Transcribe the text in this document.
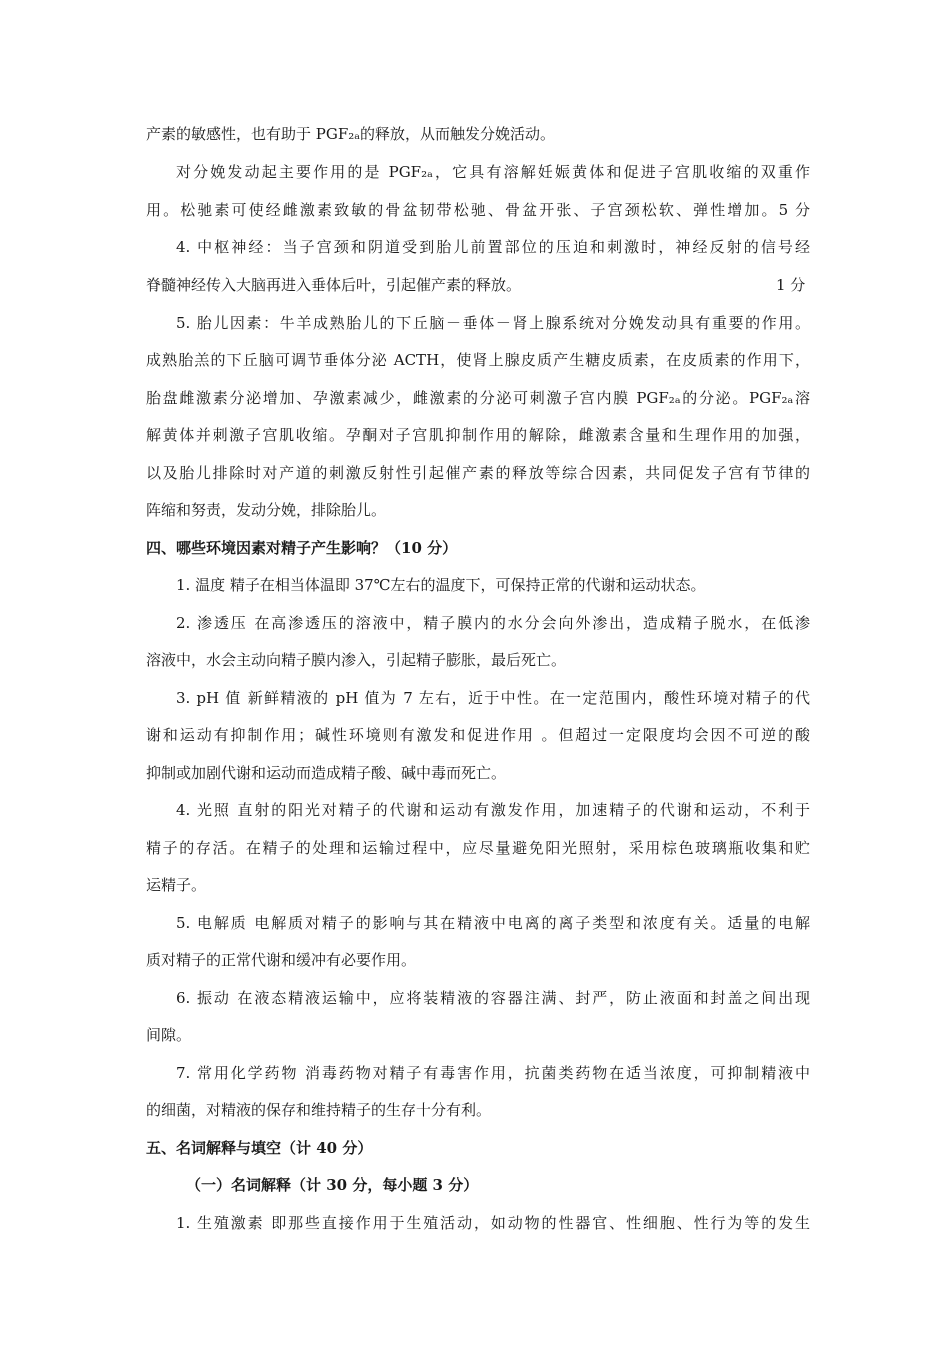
产素的敏感性，也有助于 PGF₂ₐ的释放，从而触发分娩活动。
对分娩发动起主要作用的是 PGF₂ₐ，它具有溶解妊娠黄体和促进子宫肌收缩的双重作
用。松驰素可使经雌激素致敏的骨盆韧带松驰、骨盆开张、子宫颈松软、弹性增加。5 分
4. 中枢神经：当子宫颈和阴道受到胎儿前置部位的压迫和刺激时，神经反射的信号经
脊髓神经传入大脑再进入垂体后叶，引起催产素的释放。	1 分
5. 胎儿因素：牛羊成熟胎儿的下丘脑－垂体－肾上腺系统对分娩发动具有重要的作用。
成熟胎羔的下丘脑可调节垂体分泌 ACTH，使肾上腺皮质产生糖皮质素，在皮质素的作用下，
胎盘雌激素分泌增加、孕激素减少，雌激素的分泌可刺激子宫内膜 PGF₂ₐ的分泌。PGF₂ₐ溶
解黄体并刺激子宫肌收缩。孕酮对子宫肌抑制作用的解除，雌激素含量和生理作用的加强，
以及胎儿排除时对产道的刺激反射性引起催产素的释放等综合因素，共同促发子宫有节律的
阵缩和努责，发动分娩，排除胎儿。
四、哪些环境因素对精子产生影响？（10 分）
1. 温度 精子在相当体温即 37℃左右的温度下，可保持正常的代谢和运动状态。
2. 渗透压 在高渗透压的溶液中，精子膜内的水分会向外渗出，造成精子脱水，在低渗
溶液中，水会主动向精子膜内渗入，引起精子膨胀，最后死亡。
3. pH 值 新鲜精液的 pH 值为 7 左右，近于中性。在一定范围内，酸性环境对精子的代
谢和运动有抑制作用；碱性环境则有激发和促进作用 。但超过一定限度均会因不可逆的酸
抑制或加剧代谢和运动而造成精子酸、碱中毒而死亡。
4. 光照 直射的阳光对精子的代谢和运动有激发作用，加速精子的代谢和运动，不利于
精子的存活。在精子的处理和运输过程中，应尽量避免阳光照射，采用棕色玻璃瓶收集和贮
运精子。
5. 电解质 电解质对精子的影响与其在精液中电离的离子类型和浓度有关。适量的电解
质对精子的正常代谢和缓冲有必要作用。
6. 振动 在液态精液运输中，应将装精液的容器注满、封严，防止液面和封盖之间出现
间隙。
7. 常用化学药物 消毒药物对精子有毒害作用，抗菌类药物在适当浓度，可抑制精液中
的细菌，对精液的保存和维持精子的生存十分有利。
五、名词解释与填空（计 40 分）
（一）名词解释（计 30 分，每小题 3 分）
1. 生殖激素 即那些直接作用于生殖活动，如动物的性器官、性细胞、性行为等的发生
